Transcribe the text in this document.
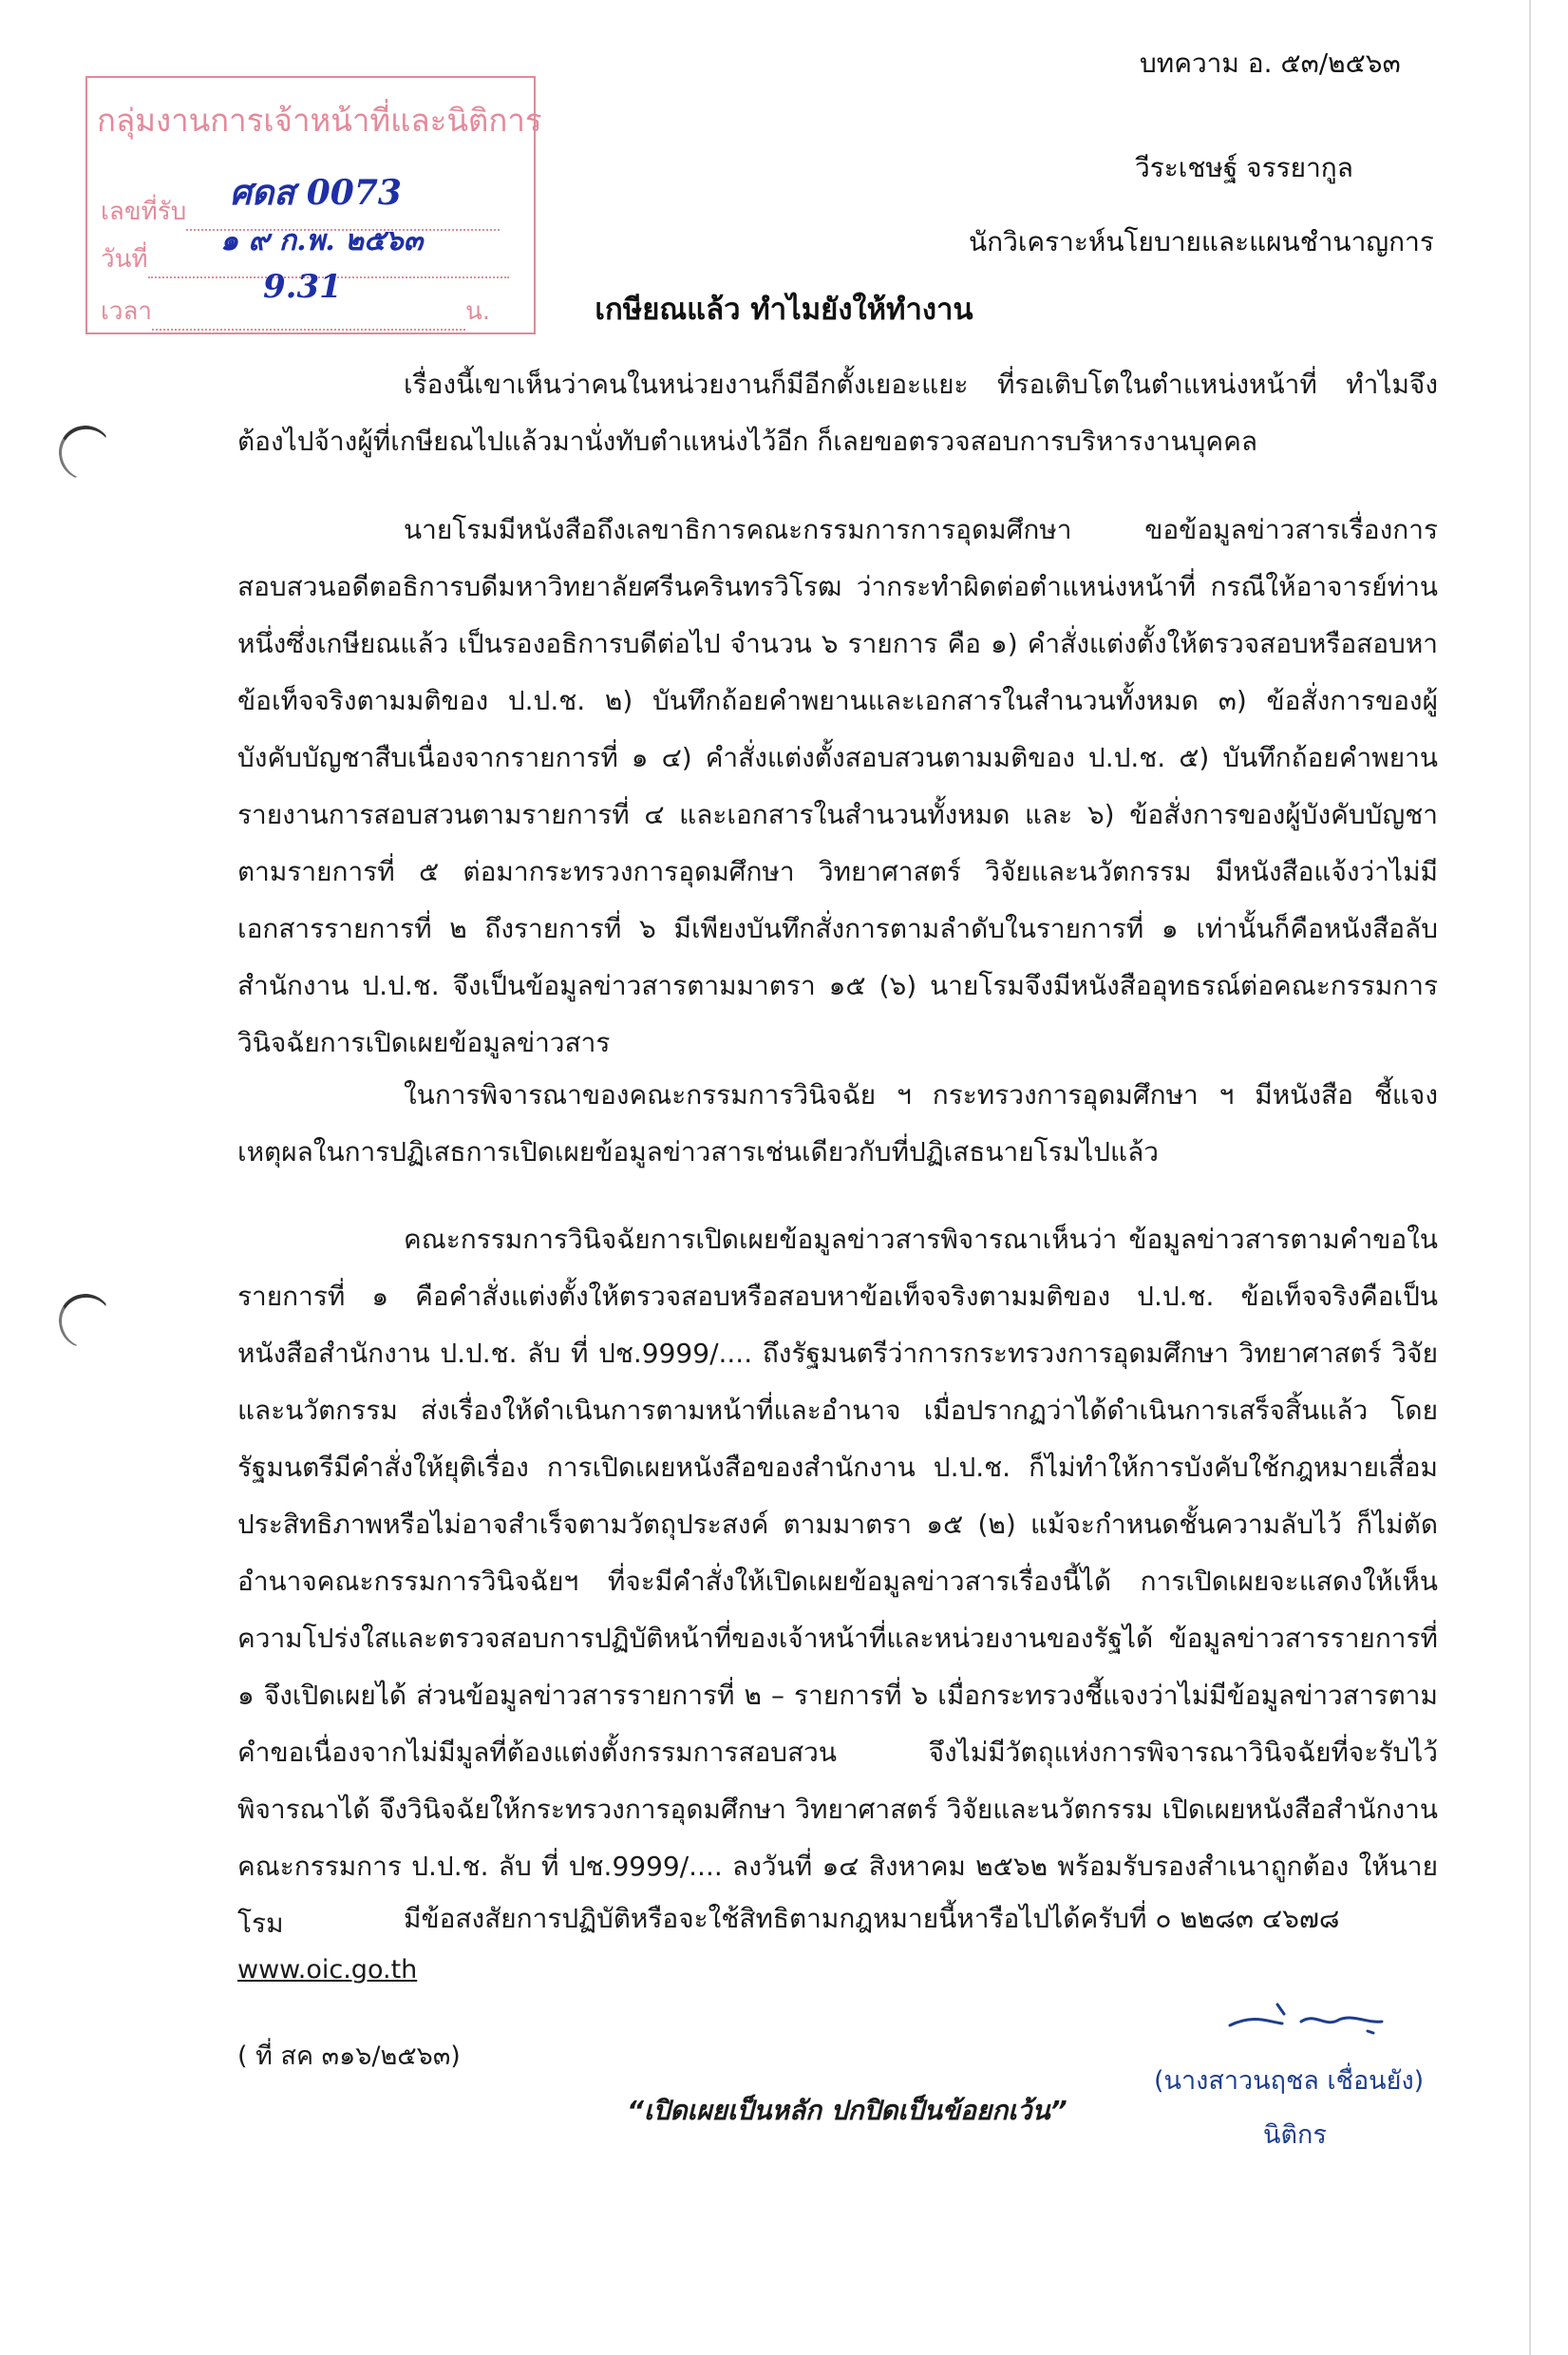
กลุ่มงานการเจ้าหน้าที่และนิติการ
เลขที่รับ
วันที่
เวลา	น.
ศดส 0073
๑ ๙ ก.พ. ๒๕๖๓
9.31
บทความ อ. ๕๓/๒๕๖๓
วีระเชษฐ์ จรรยากูล
นักวิเคราะห์นโยบายและแผนชำนาญการ
เกษียณแล้ว ทำไมยังให้ทำงาน
เรื่องนี้เขาเห็นว่าคนในหน่วยงานก็มีอีกตั้งเยอะแยะ ที่รอเติบโตในตำแหน่งหน้าที่ ทำไมจึงต้องไปจ้างผู้ที่เกษียณไปแล้วมานั่งทับตำแหน่งไว้อีก ก็เลยขอตรวจสอบการบริหารงานบุคคล
นายโรมมีหนังสือถึงเลขาธิการคณะกรรมการการอุดมศึกษา ขอข้อมูลข่าวสารเรื่องการสอบสวนอดีตอธิการบดีมหาวิทยาลัยศรีนครินทรวิโรฒ ว่ากระทำผิดต่อตำแหน่งหน้าที่ กรณีให้อาจารย์ท่านหนึ่งซึ่งเกษียณแล้ว เป็นรองอธิการบดีต่อไป จำนวน ๖ รายการ คือ ๑) คำสั่งแต่งตั้งให้ตรวจสอบหรือสอบหาข้อเท็จจริงตามมติของ ป.ป.ช. ๒) บันทึกถ้อยคำพยานและเอกสารในสำนวนทั้งหมด ๓) ข้อสั่งการของผู้บังคับบัญชาสืบเนื่องจากรายการที่ ๑ ๔) คำสั่งแต่งตั้งสอบสวนตามมติของ ป.ป.ช. ๕) บันทึกถ้อยคำพยาน รายงานการสอบสวนตามรายการที่ ๔ และเอกสารในสำนวนทั้งหมด และ ๖) ข้อสั่งการของผู้บังคับบัญชา ตามรายการที่ ๕ ต่อมากระทรวงการอุดมศึกษา วิทยาศาสตร์ วิจัยและนวัตกรรม มีหนังสือแจ้งว่าไม่มีเอกสารรายการที่ ๒ ถึงรายการที่ ๖ มีเพียงบันทึกสั่งการตามลำดับในรายการที่ ๑ เท่านั้นก็คือหนังสือลับสำนักงาน ป.ป.ช. จึงเป็นข้อมูลข่าวสารตามมาตรา ๑๕ (๖) นายโรมจึงมีหนังสืออุทธรณ์ต่อคณะกรรมการวินิจฉัยการเปิดเผยข้อมูลข่าวสาร
ในการพิจารณาของคณะกรรมการวินิจฉัย ฯ กระทรวงการอุดมศึกษา ฯ มีหนังสือ ชี้แจงเหตุผลในการปฏิเสธการเปิดเผยข้อมูลข่าวสารเช่นเดียวกับที่ปฏิเสธนายโรมไปแล้ว
คณะกรรมการวินิจฉัยการเปิดเผยข้อมูลข่าวสารพิจารณาเห็นว่า ข้อมูลข่าวสารตามคำขอในรายการที่ ๑ คือคำสั่งแต่งตั้งให้ตรวจสอบหรือสอบหาข้อเท็จจริงตามมติของ ป.ป.ช. ข้อเท็จจริงคือเป็นหนังสือสำนักงาน ป.ป.ช. ลับ ที่ ปช.9999/.... ถึงรัฐมนตรีว่าการกระทรวงการอุดมศึกษา วิทยาศาสตร์ วิจัยและนวัตกรรม ส่งเรื่องให้ดำเนินการตามหน้าที่และอำนาจ เมื่อปรากฏว่าได้ดำเนินการเสร็จสิ้นแล้ว โดยรัฐมนตรีมีคำสั่งให้ยุติเรื่อง การเปิดเผยหนังสือของสำนักงาน ป.ป.ช. ก็ไม่ทำให้การบังคับใช้กฎหมายเสื่อมประสิทธิภาพหรือไม่อาจสำเร็จตามวัตถุประสงค์ ตามมาตรา ๑๕ (๒) แม้จะกำหนดชั้นความลับไว้ ก็ไม่ตัดอำนาจคณะกรรมการวินิจฉัยฯ ที่จะมีคำสั่งให้เปิดเผยข้อมูลข่าวสารเรื่องนี้ได้ การเปิดเผยจะแสดงให้เห็นความโปร่งใสและตรวจสอบการปฏิบัติหน้าที่ของเจ้าหน้าที่และหน่วยงานของรัฐได้ ข้อมูลข่าวสารรายการที่ ๑ จึงเปิดเผยได้ ส่วนข้อมูลข่าวสารรายการที่ ๒ – รายการที่ ๖ เมื่อกระทรวงชี้แจงว่าไม่มีข้อมูลข่าวสารตามคำขอเนื่องจากไม่มีมูลที่ต้องแต่งตั้งกรรมการสอบสวน จึงไม่มีวัตถุแห่งการพิจารณาวินิจฉัยที่จะรับไว้พิจารณาได้ จึงวินิจฉัยให้กระทรวงการอุดมศึกษา วิทยาศาสตร์ วิจัยและนวัตกรรม เปิดเผยหนังสือสำนักงานคณะกรรมการ ป.ป.ช. ลับ ที่ ปช.9999/.... ลงวันที่ ๑๔ สิงหาคม ๒๕๖๒ พร้อมรับรองสำเนาถูกต้อง ให้นายโรม	มีข้อสงสัยการปฏิบัติหรือจะใช้สิทธิตามกฎหมายนี้หารือไปได้ครับที่ ๐ ๒๒๘๓ ๔๖๗๘
www.oic.go.th
( ที่ สค ๓๑๖/๒๕๖๓)
“เปิดเผยเป็นหลัก ปกปิดเป็นข้อยกเว้น”
(นางสาวนฤชล เชื่อนยัง)
นิติกร
